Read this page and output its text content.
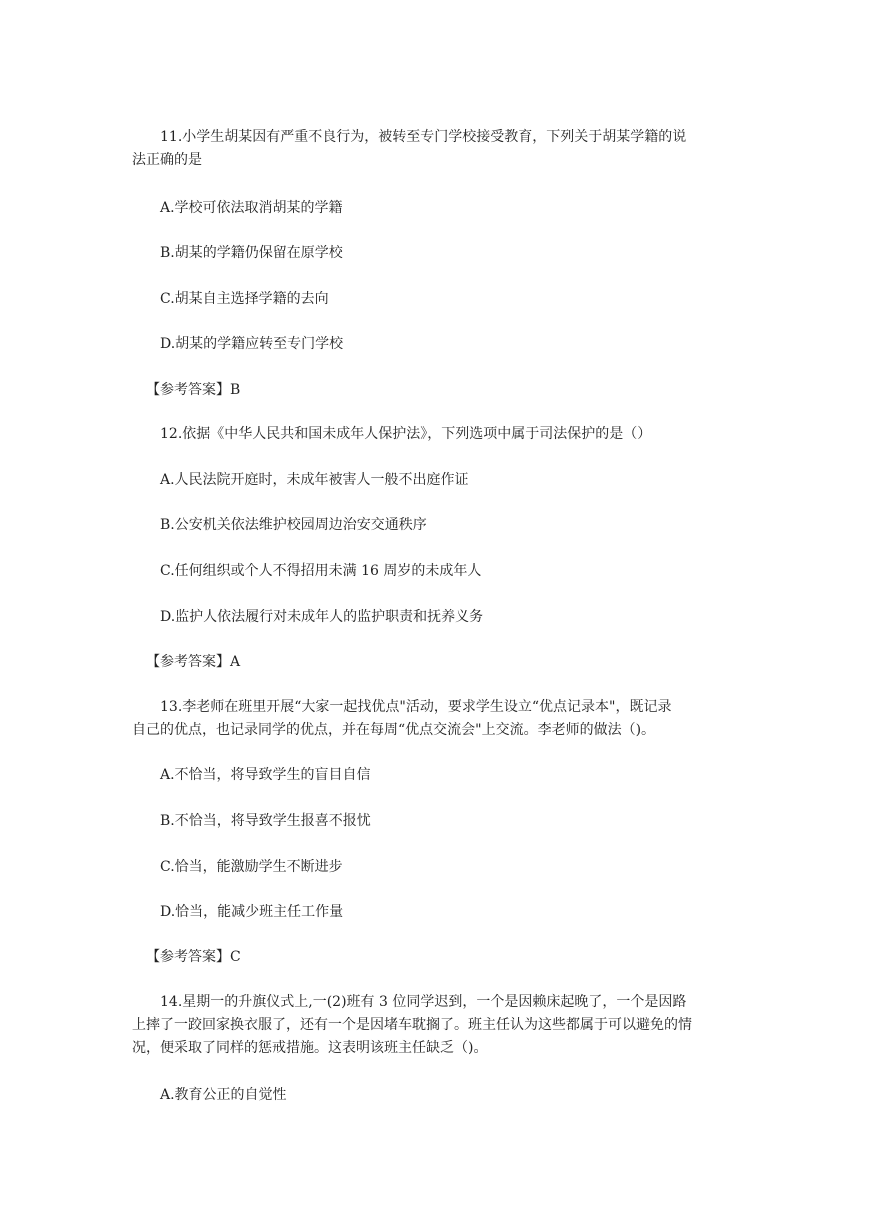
11.小学生胡某因有严重不良行为，被转至专门学校接受教育，下列关于胡某学籍的说
法正确的是

A.学校可依法取消胡某的学籍

B.胡某的学籍仍保留在原学校

C.胡某自主选择学籍的去向

D.胡某的学籍应转至专门学校

【参考答案】B

12.依据《中华人民共和国未成年人保护法》，下列选项中属于司法保护的是（）

A.人民法院开庭时，未成年被害人一般不出庭作证

B.公安机关依法维护校园周边治安交通秩序

C.任何组织或个人不得招用未满 16 周岁的未成年人

D.监护人依法履行对未成年人的监护职责和抚养义务

【参考答案】A

13.李老师在班里开展“大家一起找优点"活动，要求学生设立“优点记录本"，既记录
自己的优点，也记录同学的优点，并在每周“优点交流会"上交流。李老师的做法（)。

A.不恰当，将导致学生的盲目自信

B.不恰当，将导致学生报喜不报忧

C.恰当，能激励学生不断进步

D.恰当，能减少班主任工作量

【参考答案】C

14.星期一的升旗仪式上,一(2)班有 3 位同学迟到，一个是因赖床起晚了，一个是因路
上摔了一跤回家换衣服了，还有一个是因堵车耽搁了。班主任认为这些都属于可以避免的情
况，便采取了同样的惩戒措施。这表明该班主任缺乏（)。

A.教育公正的自觉性
